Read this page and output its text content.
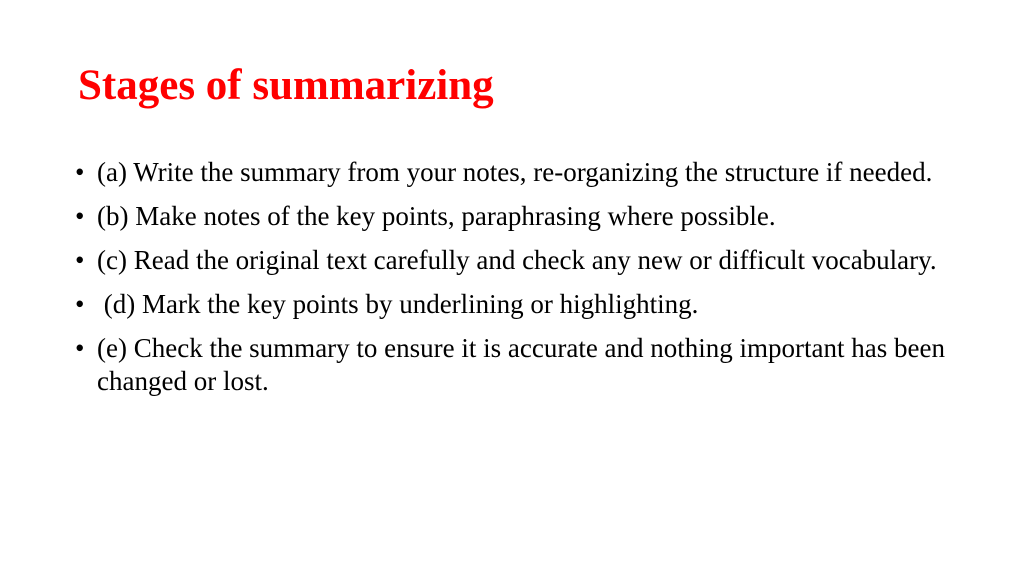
Stages of summarizing
• (a) Write the summary from your notes, re-organizing the structure if needed.
• (b) Make notes of the key points, paraphrasing where possible.
• (c) Read the original text carefully and check any new or difficult vocabulary.
• (d) Mark the key points by underlining or highlighting.
• (e) Check the summary to ensure it is accurate and nothing important has been changed or lost.
